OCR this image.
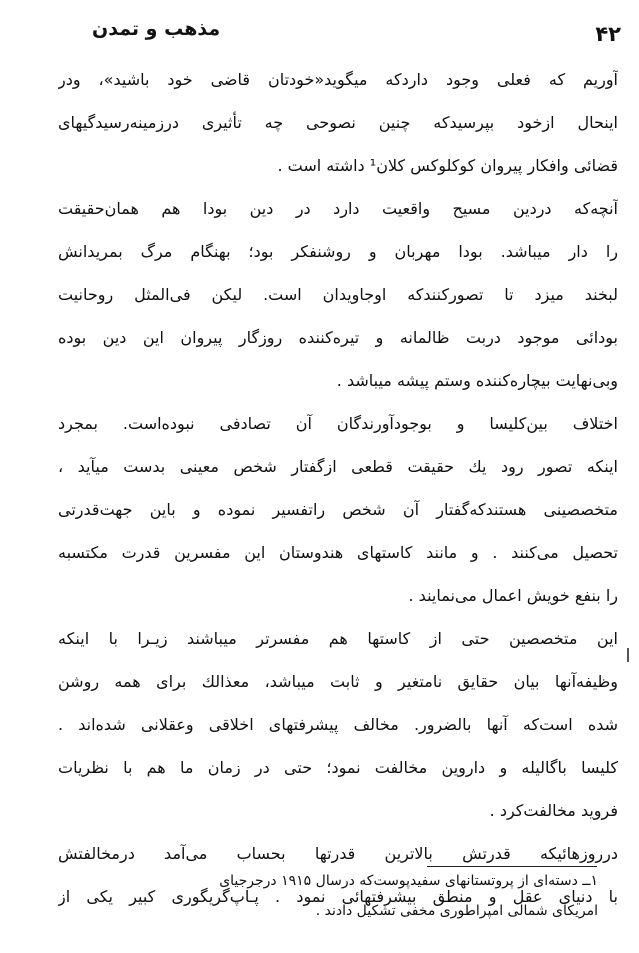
مذهب و تمدن	۴۲
آوریم که فعلی وجود داردکه میگوید«خودتان قاضی خود باشید»، ودر
اینحال ازخود بپرسیدکه چنین نصوحی چه تأثیری درزمینه‌رسیدگیهای
قضائی وافکار پیروان کوکلوکس کلان¹ داشته است .
آنچه‌که دردین مسیح واقعیت دارد در دین بودا هم همان‌حقیقت
را دار میباشد. بودا مهربان و روشنفکر بود؛ بهنگام مرگ بمریدانش
لبخند میزد تا تصورکنندکه اوجاویدان است. لیکن فی‌المثل روحانیت
بودائی موجود دربت ظالمانه و تیره‌کننده روزگار پیروان این دین بوده
وبی‌نهایت بیچاره‌کننده وستم پیشه میباشد .
اختلاف بین‌کلیسا و بوجودآورندگان آن تصادفی نبوده‌است. بمجرد
اینکه تصور رود یك حقیقت قطعی ازگفتار شخص معینی بدست میآید ،
متخصصینی هستندکه‌گفتار آن شخص راتفسیر نموده و باین جهت‌قدرتی
تحصیل می‌کنند . و مانند کاستهای هندوستان این مفسرین قدرت مکتسبه
را بنفع خویش اعمال می‌نمایند .
این متخصصین حتی از کاستها هم مفسرتر میباشند زیـرا با اینکه
وظیفه‌آنها بیان حقایق نامتغیر و ثابت میباشد، معذالك برای همه روشن
شده است‌که آنها بالضرور. مخالف پیشرفتهای اخلاقی وعقلانی شده‌اند .
کلیسا باگالیله و داروین مخالفت نمود؛ حتی در زمان ما هم با نظریات
فروید مخالفت‌کرد .
درروزهائیکه قدرتش بالاترین قدرتها بحساب می‌آمد درمخالفتش
با دنیای عقل و منطق بیشرفتهائی نمود . پـاپ‌گریگوری کبیر یکی از
۱ــ دسته‌ای از پروتستانهای سفیدپوست‌که درسال ۱۹۱۵ درجرجیای
امریکای شمالی امپراطوری مخفی تشکیل دادند .
